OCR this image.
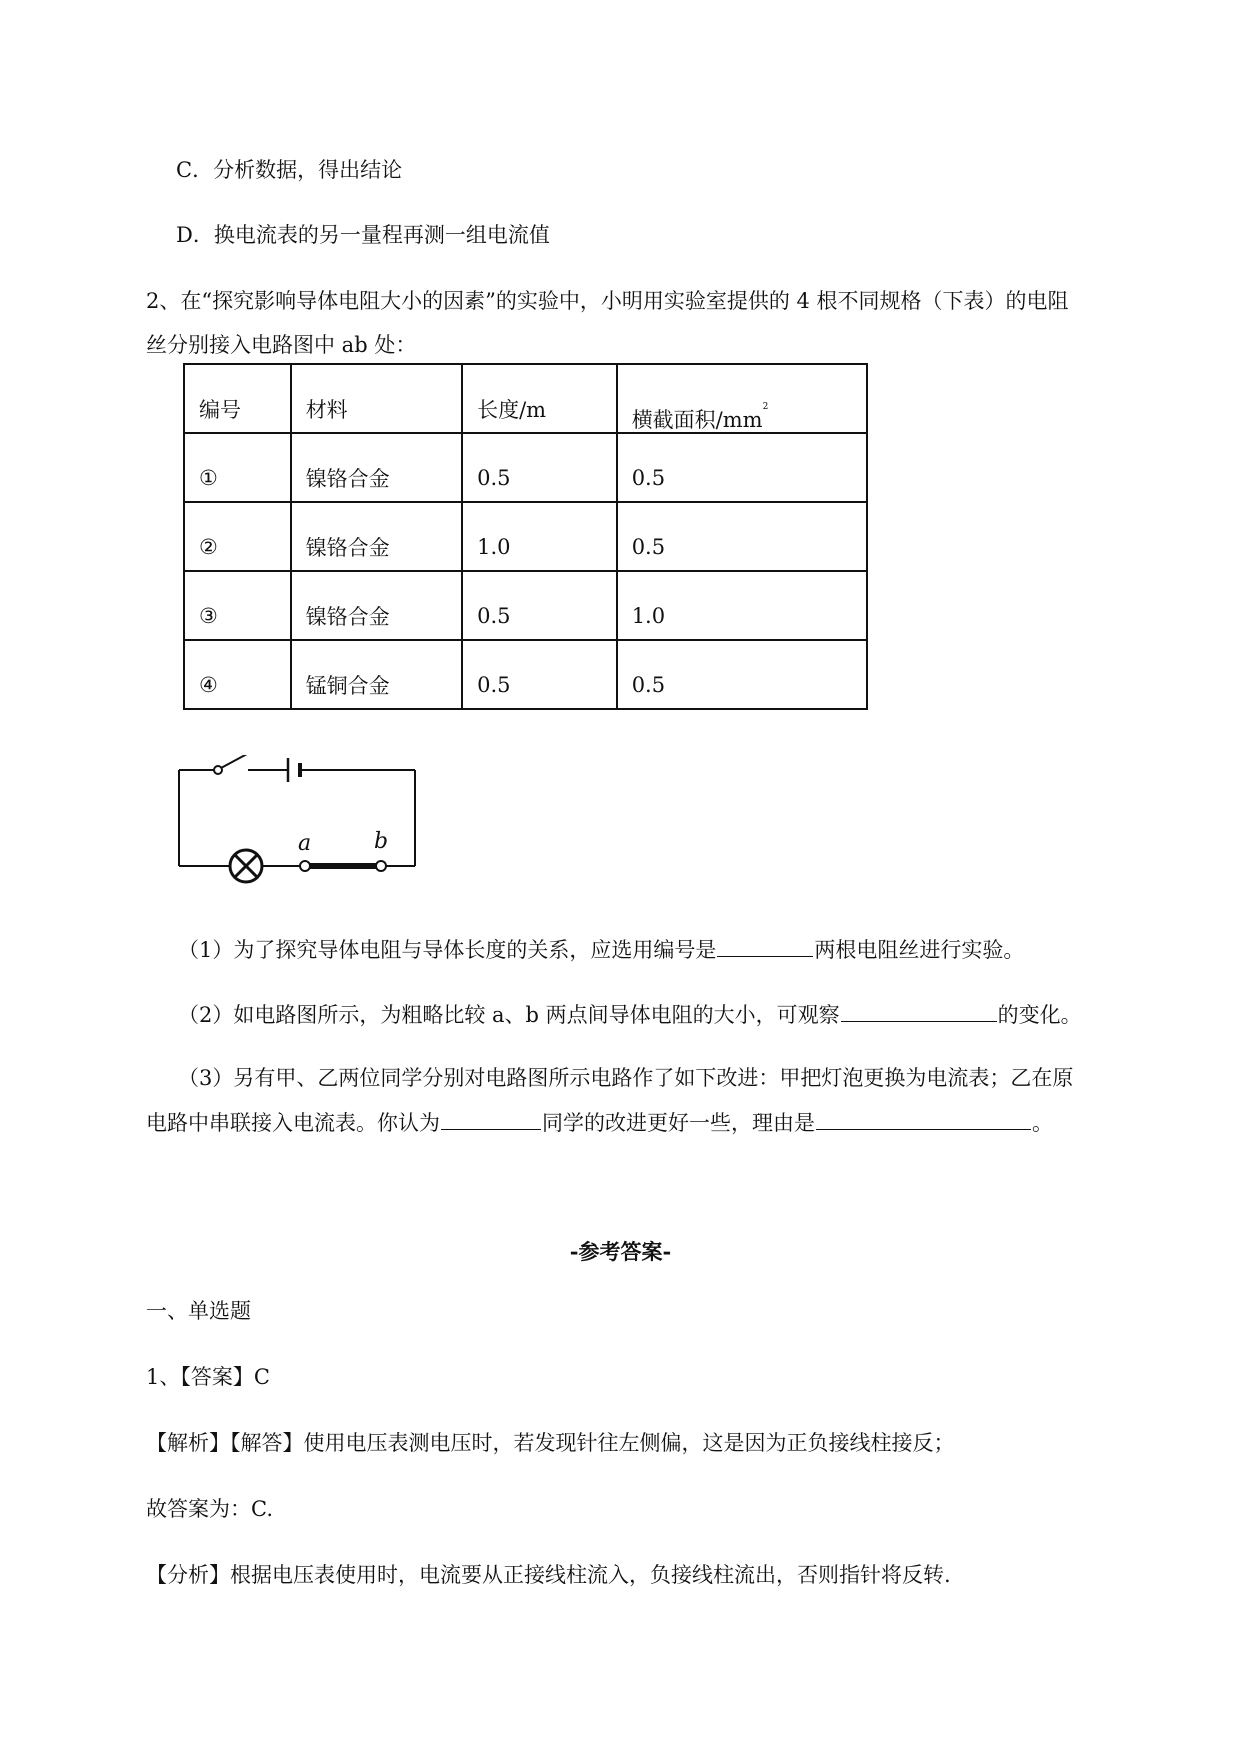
C．分析数据，得出结论
D．换电流表的另一量程再测一组电流值
2、在“探究影响导体电阻大小的因素”的实验中，小明用实验室提供的 4 根不同规格（下表）的电阻
丝分别接入电路图中 ab 处：
编号	材料	长度/m	横截面积$/mm^2$
①	镍铬合金	0.5	0.5
②	镍铬合金	1.0	0.5
③	镍铬合金	0.5	1.0
④	锰铜合金	0.5	0.5
a	b
（1）为了探究导体电阻与导体长度的关系，应选用编号是	两根电阻丝进行实验。
（2）如电路图所示，为粗略比较 a、b 两点间导体电阻的大小，可观察	的变化。
（3）另有甲、乙两位同学分别对电路图所示电路作了如下改进：甲把灯泡更换为电流表；乙在原
电路中串联接入电流表。你认为	同学的改进更好一些，理由是	。
-参考答案-
一、单选题
1、【答案】C
【解析】【解答】使用电压表测电压时，若发现针往左侧偏，这是因为正负接线柱接反；
故答案为：C.
【分析】根据电压表使用时，电流要从正接线柱流入，负接线柱流出，否则指针将反转.
